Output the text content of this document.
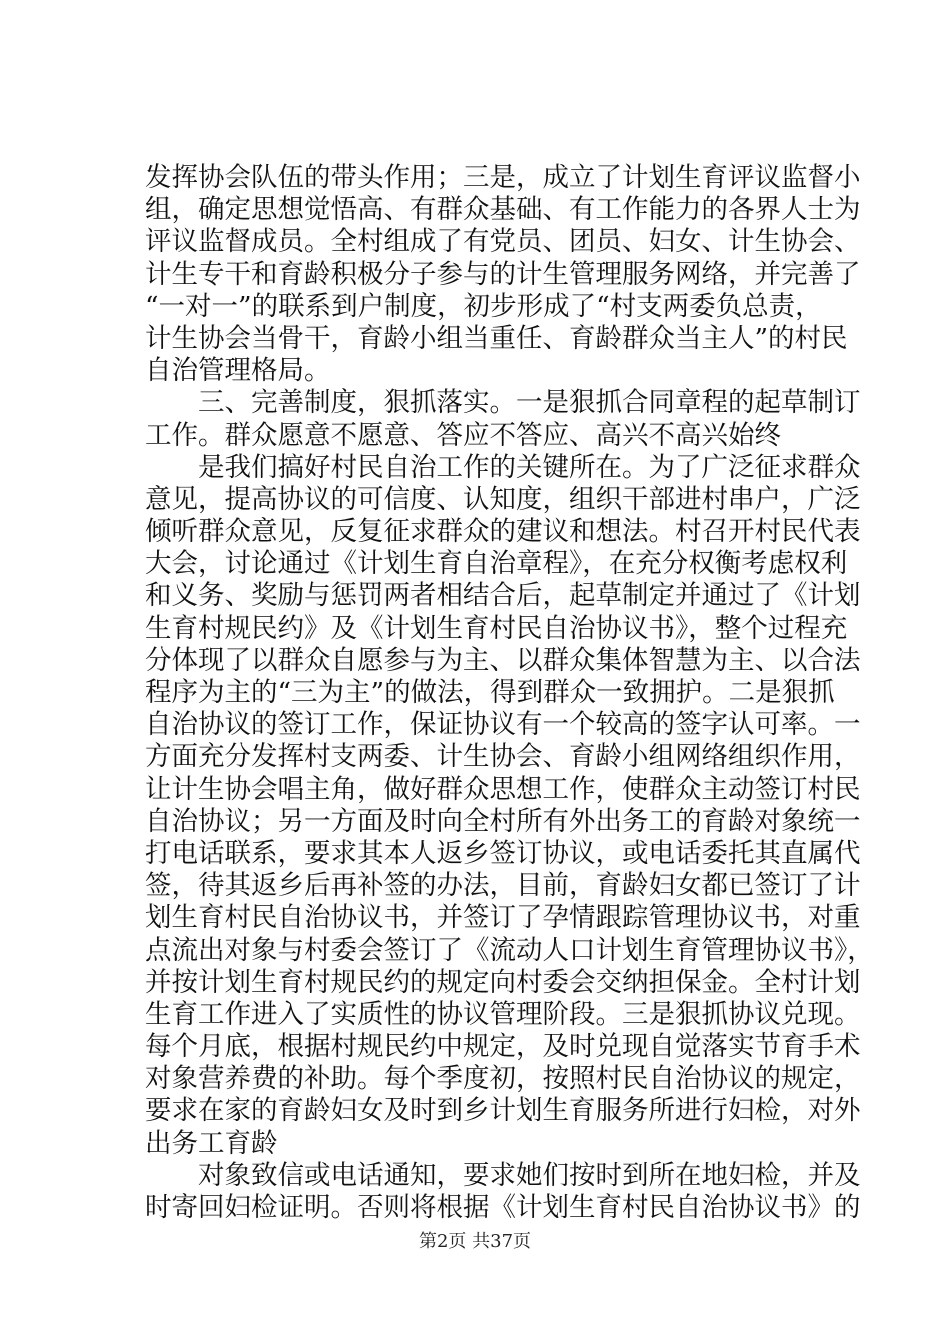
发挥协会队伍的带头作用；三是，成立了计划生育评议监督小
组，确定思想觉悟高、有群众基础、有工作能力的各界人士为
评议监督成员。全村组成了有党员、团员、妇女、计生协会、
计生专干和育龄积极分子参与的计生管理服务网络，并完善了
“一对一”的联系到户制度，初步形成了“村支两委负总责，
计生协会当骨干，育龄小组当重任、育龄群众当主人”的村民
自治管理格局。
　　三、完善制度，狠抓落实。一是狠抓合同章程的起草制订
工作。群众愿意不愿意、答应不答应、高兴不高兴始终
　　是我们搞好村民自治工作的关键所在。为了广泛征求群众
意见，提高协议的可信度、认知度，组织干部进村串户，广泛
倾听群众意见，反复征求群众的建议和想法。村召开村民代表
大会，讨论通过《计划生育自治章程》，在充分权衡考虑权利
和义务、奖励与惩罚两者相结合后，起草制定并通过了《计划
生育村规民约》及《计划生育村民自治协议书》，整个过程充
分体现了以群众自愿参与为主、以群众集体智慧为主、以合法
程序为主的“三为主”的做法，得到群众一致拥护。二是狠抓
自治协议的签订工作，保证协议有一个较高的签字认可率。一
方面充分发挥村支两委、计生协会、育龄小组网络组织作用，
让计生协会唱主角，做好群众思想工作，使群众主动签订村民
自治协议；另一方面及时向全村所有外出务工的育龄对象统一
打电话联系，要求其本人返乡签订协议，或电话委托其直属代
签，待其返乡后再补签的办法，目前，育龄妇女都已签订了计
划生育村民自治协议书，并签订了孕情跟踪管理协议书，对重
点流出对象与村委会签订了《流动人口计划生育管理协议书》，
并按计划生育村规民约的规定向村委会交纳担保金。全村计划
生育工作进入了实质性的协议管理阶段。三是狠抓协议兑现。
每个月底，根据村规民约中规定，及时兑现自觉落实节育手术
对象营养费的补助。每个季度初，按照村民自治协议的规定，
要求在家的育龄妇女及时到乡计划生育服务所进行妇检，对外
出务工育龄
　　对象致信或电话通知，要求她们按时到所在地妇检，并及
时寄回妇检证明。否则将根据《计划生育村民自治协议书》的
第2页 共37页
